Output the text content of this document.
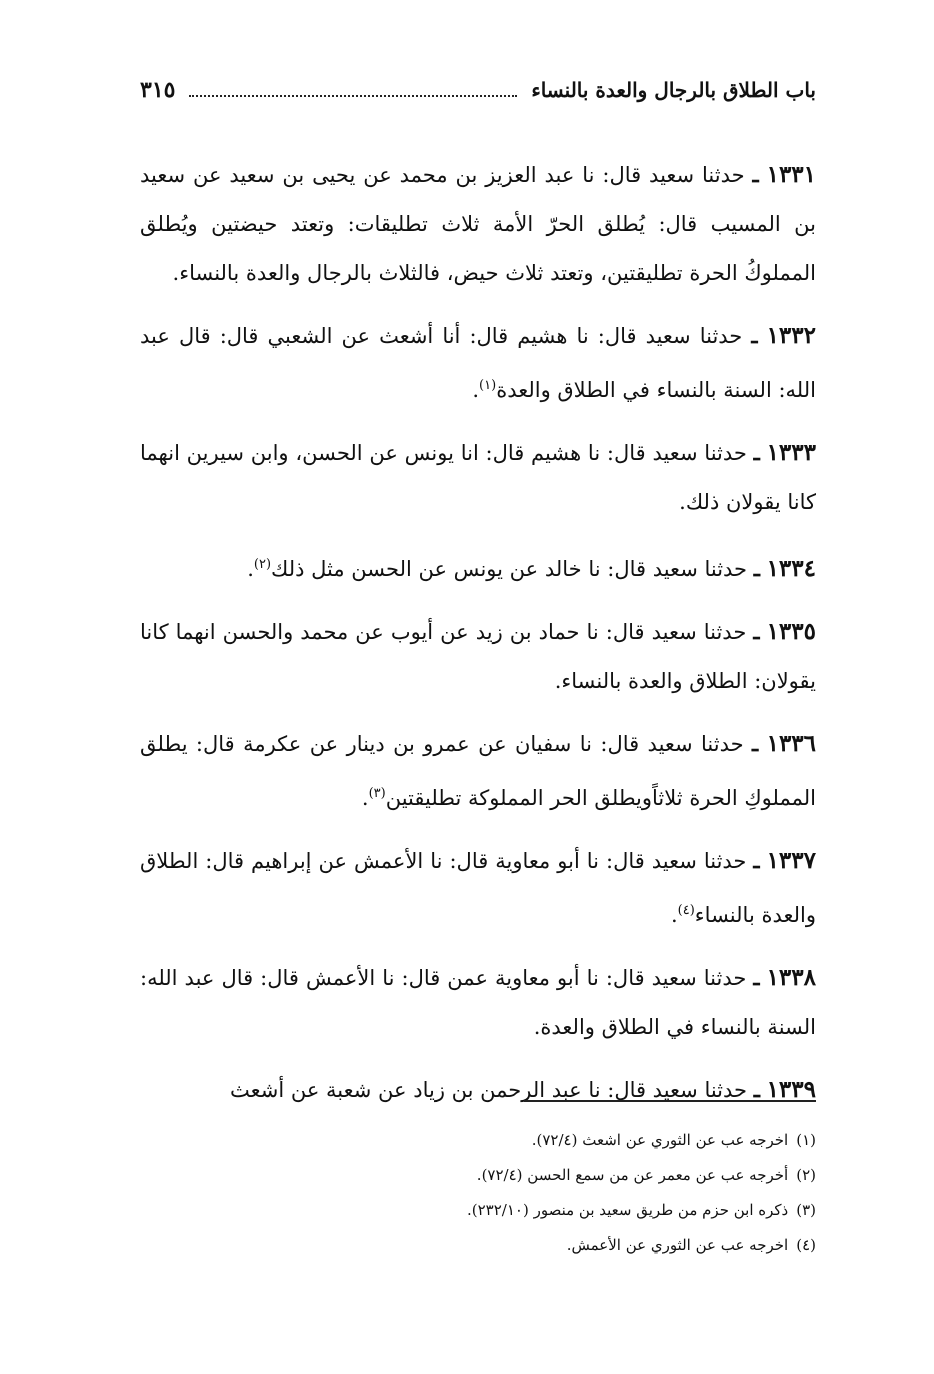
باب الطلاق بالرجال والعدة بالنساء
٣١٥

١٣٣١ ـ حدثنا سعيد قال: نا عبد العزيز بن محمد عن يحيى بن سعيد عن سعيد بن المسيب قال: يُطلق الحرّ الأمة ثلاث تطليقات: وتعتد حيضتين ويُطلق المملوكُ الحرة تطليقتين، وتعتد ثلاث حيض، فالثلاث بالرجال والعدة بالنساء.

١٣٣٢ ـ حدثنا سعيد قال: نا هشيم قال: أنا أشعث عن الشعبي قال: قال عبد الله: السنة بالنساء في الطلاق والعدة$^{(١)}$.

١٣٣٣ ـ حدثنا سعيد قال: نا هشيم قال: انا يونس عن الحسن، وابن سيرين انهما كانا يقولان ذلك.

١٣٣٤ ـ حدثنا سعيد قال: نا خالد عن يونس عن الحسن مثل ذلك$^{(٢)}$.

١٣٣٥ ـ حدثنا سعيد قال: نا حماد بن زيد عن أيوب عن محمد والحسن انهما كانا يقولان: الطلاق والعدة بالنساء.

١٣٣٦ ـ حدثنا سعيد قال: نا سفيان عن عمرو بن دينار عن عكرمة قال: يطلق المملوكِ الحرة ثلاثاًويطلق الحر المملوكة تطليقتين$^{(٣)}$.

١٣٣٧ ـ حدثنا سعيد قال: نا أبو معاوية قال: نا الأعمش عن إبراهيم قال: الطلاق والعدة بالنساء$^{(٤)}$.

١٣٣٨ ـ حدثنا سعيد قال: نا أبو معاوية عمن قال: نا الأعمش قال: قال عبد الله: السنة بالنساء في الطلاق والعدة.

١٣٣٩ ـ حدثنا سعيد قال: نا عبد الرحمن بن زياد عن شعبة عن أشعث

(١)اخرجه عب عن الثوري عن اشعث (٧٢/٤).
(٢)أخرجه عب عن معمر عن من سمع الحسن (٧٢/٤).
(٣)ذكره ابن حزم من طريق سعيد بن منصور (٢٣٢/١٠).
(٤)اخرجه عب عن الثوري عن الأعمش.
